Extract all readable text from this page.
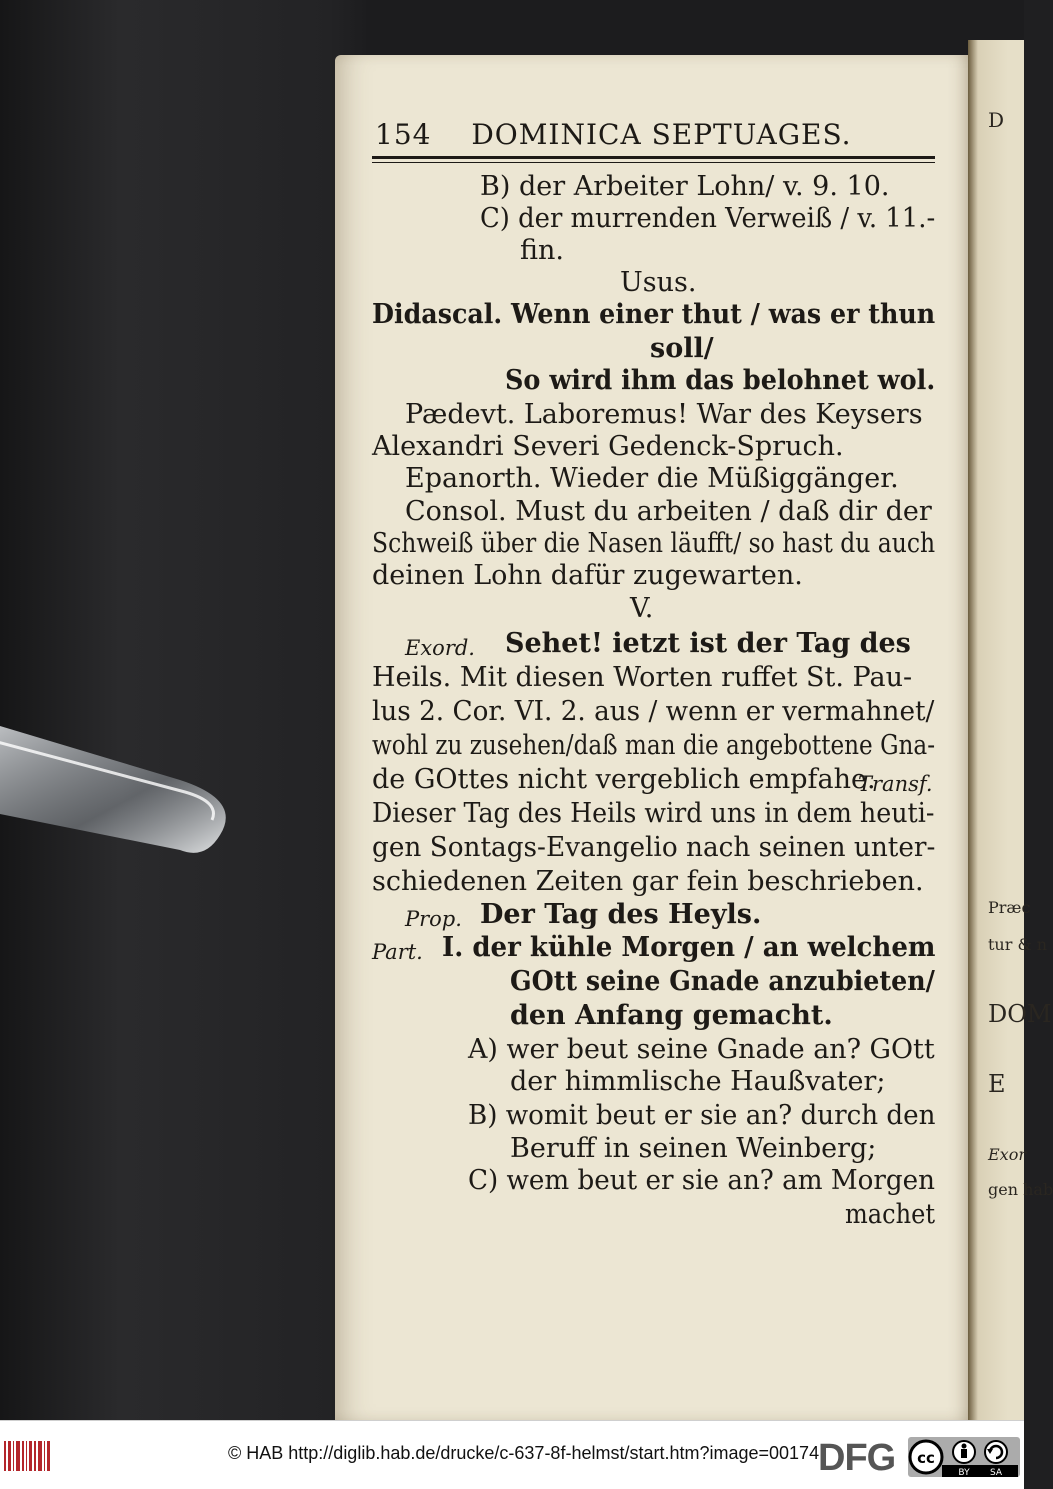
D
Præc
tur & n
DOM
E
Exor
gen hab
154 DOMINICA SEPTUAGES.
B) der Arbeiter Lohn/ v. 9. 10.
C) der murrenden Verweiß / v. 11.-
fin.
Usus.
Didascal. Wenn einer thut / was er thun
soll/
So wird ihm das belohnet wol.
Pædevt. Laboremus! War des Keysers
Alexandri Severi Gedenck-Spruch.
Epanorth. Wieder die Müßiggänger.
Consol. Must du arbeiten / daß dir der
Schweiß über die Nasen läufft/ so hast du auch
deinen Lohn dafür zugewarten.
V.
Exord. Sehet! ietzt ist der Tag des
Heils. Mit diesen Worten ruffet St. Pau-
lus 2. Cor. VI. 2. aus / wenn er vermahnet/
wohl zu zusehen/daß man die angebottene Gna-
de GOttes nicht vergeblich empfahe.
Transf.
Dieser Tag des Heils wird uns in dem heuti-
gen Sontags-Evangelio nach seinen unter-
schiedenen Zeiten gar fein beschrieben.
Prop. Der Tag des Heyls.
Part. I. der kühle Morgen / an welchem
GOtt seine Gnade anzubieten/
den Anfang gemacht.
A) wer beut seine Gnade an? GOtt
der himmlische Haußvater;
B) womit beut er sie an? durch den
Beruff in seinen Weinberg;
C) wem beut er sie an? am Morgen
machet
© HAB http://diglib.hab.de/drucke/c-637-8f-helmst/start.htm?image=00174
DFG cc
BY SA
